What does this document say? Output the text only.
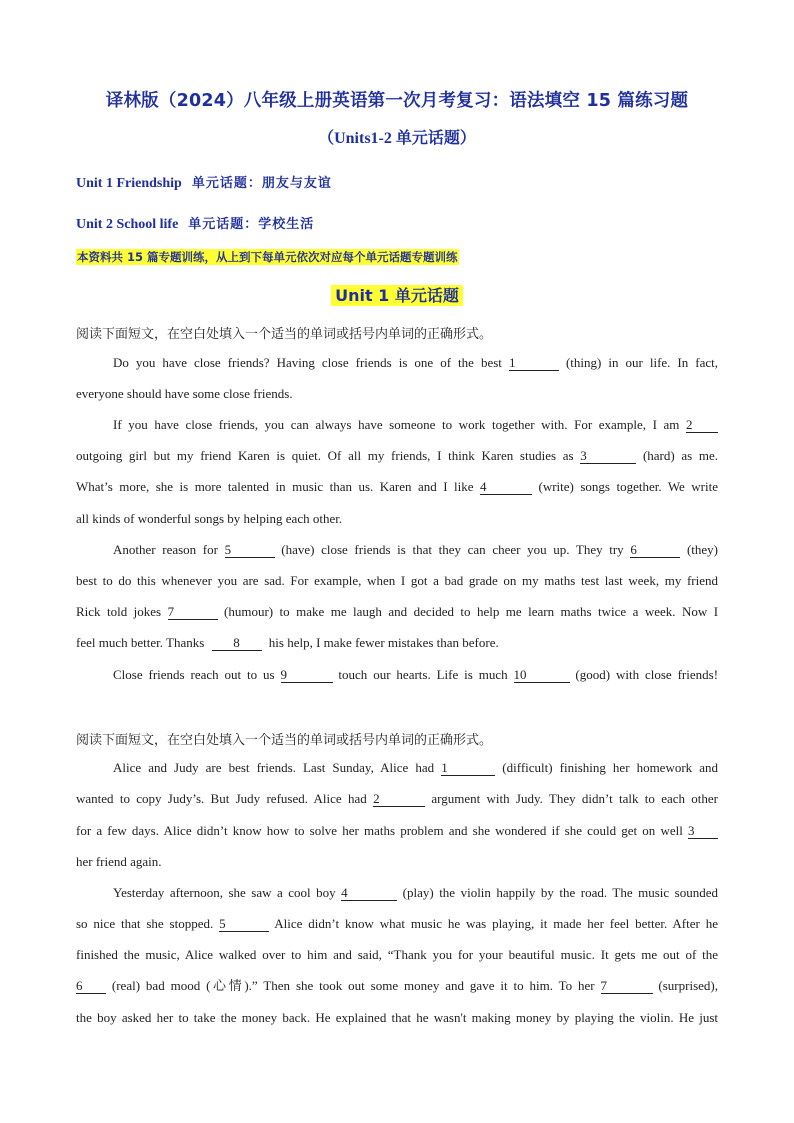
译林版（2024）八年级上册英语第一次月考复习：语法填空 15 篇练习题
（Units1-2 单元话题）
Unit 1 Friendship 单元话题：朋友与友谊
Unit 2 School life 单元话题：学校生活
本资料共 15 篇专题训练，从上到下每单元依次对应每个单元话题专题训练
Unit 1 单元话题
阅读下面短文，在空白处填入一个适当的单词或括号内单词的正确形式。
Do you have close friends? Having close friends is one of the best 1	(thing) in our life. In fact,
everyone should have some close friends.
If you have close friends, you can always have someone to work together with. For example, I am 2
outgoing girl but my friend Karen is quiet. Of all my friends, I think Karen studies as 3	(hard) as me.
What’s more, she is more talented in music than us. Karen and I like 4	(write) songs together. We write
all kinds of wonderful songs by helping each other.
Another reason for 5	(have) close friends is that they can cheer you up. They try 6	(they)
best to do this whenever you are sad. For example, when I got a bad grade on my maths test last week, my friend
Rick told jokes 7	(humour) to make me laugh and decided to help me learn maths twice a week. Now I
feel much better. Thanks 8 his help, I make fewer mistakes than before.
Close friends reach out to us 9	touch our hearts. Life is much 10	(good) with close friends!
阅读下面短文，在空白处填入一个适当的单词或括号内单词的正确形式。
Alice and Judy are best friends. Last Sunday, Alice had 1	(difficult) finishing her homework and
wanted to copy Judy’s. But Judy refused. Alice had 2	argument with Judy. They didn’t talk to each other
for a few days. Alice didn’t know how to solve her maths problem and she wondered if she could get on well 3
her friend again.
Yesterday afternoon, she saw a cool boy 4	(play) the violin happily by the road. The music sounded
so nice that she stopped. 5	Alice didn’t know what music he was playing, it made her feel better. After he
finished the music, Alice walked over to him and said, “Thank you for your beautiful music. It gets me out of the
6 (real) bad mood (心情).” Then she took out some money and gave it to him. To her 7	(surprised),
the boy asked her to take the money back. He explained that he wasn't making money by playing the violin. He just
